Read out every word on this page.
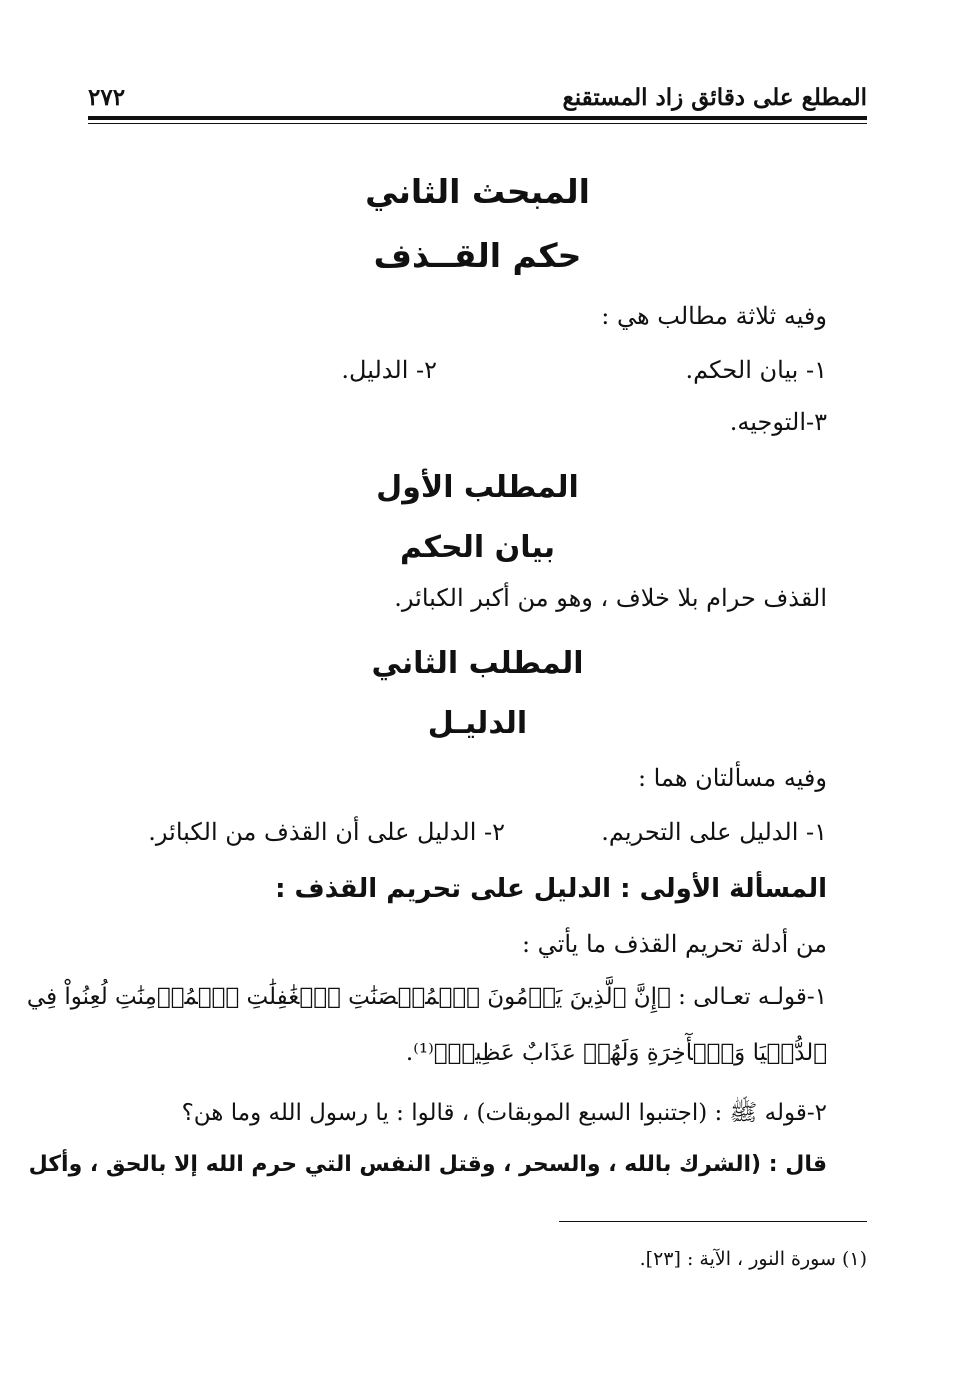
المطلع على دقائق زاد المستقنع
٢٧٢
المبحث الثاني
حكم القــذف
وفيه ثلاثة مطالب هي :
١- بيان الحكم.
٢- الدليل.
٣-التوجيه.
المطلب الأول
بيان الحكم
القذف حرام بلا خلاف ، وهو من أكبر الكبائر.
المطلب الثاني
الدليـل
وفيه مسألتان هما :
١- الدليل على التحريم.
٢- الدليل على أن القذف من الكبائر.
المسألة الأولى : الدليل على تحريم القذف :
من أدلة تحريم القذف ما يأتي :
١-قولـه تعـالى : ﴿إِنَّ ٱلَّذِينَ يَرۡمُونَ ٱلۡمُحۡصَنَٰتِ ٱلۡغَٰفِلَٰتِ ٱلۡمُؤۡمِنَٰتِ لُعِنُواْ فِي
ٱلدُّنۡيَا وَٱلۡأٓخِرَةِ وَلَهُمۡ عَذَابٌ عَظِيمٞ﴾⁽¹⁾.
٢-قوله ﷺ : (اجتنبوا السبع الموبقات) ، قالوا : يا رسول الله وما هن؟
قال : (الشرك بالله ، والسحر ، وقتل النفس التي حرم الله إلا بالحق ، وأكل
(١) سورة النور ، الآية : [٢٣].
